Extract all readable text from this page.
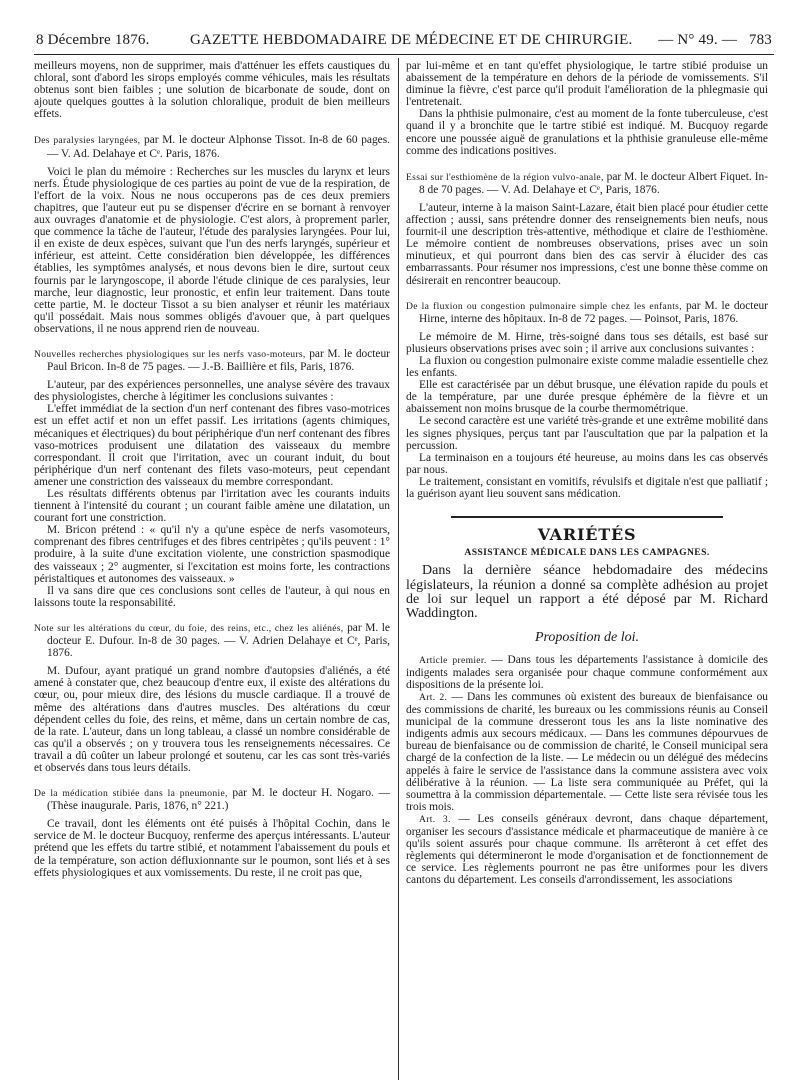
8 Décembre 1876.	GAZETTE HEBDOMADAIRE DE MÉDECINE ET DE CHIRURGIE. — N° 49. — 783

meilleurs moyens, non de supprimer, mais d'atténuer les effets caustiques du chloral, sont d'abord les sirops employés comme véhicules, mais les résultats obtenus sont bien faibles ; une solution de bicarbonate de soude, dont on ajoute quelques gouttes à la solution chloralique, produit de bien meilleurs effets.

Des paralysies laryngées, par M. le docteur Alphonse Tissot. In-8 de 60 pages. — V. Ad. Delahaye et Cᵉ. Paris, 1876.

Voici le plan du mémoire : Recherches sur les muscles du larynx et leurs nerfs. Étude physiologique de ces parties au point de vue de la respiration, de l'effort de la voix. Nous ne nous occuperons pas de ces deux premiers chapitres, que l'auteur eut pu se dispenser d'écrire en se bornant à renvoyer aux ouvrages d'anatomie et de physiologie. C'est alors, à proprement parler, que commence la tâche de l'auteur, l'étude des paralysies laryngées. Pour lui, il en existe de deux espèces, suivant que l'un des nerfs laryngés, supérieur et inférieur, est atteint. Cette considération bien développée, les différences établies, les symptômes analysés, et nous devons bien le dire, surtout ceux fournis par le laryngoscope, il aborde l'étude clinique de ces paralysies, leur marche, leur diagnostic, leur pronostic, et enfin leur traitement. Dans toute cette partie, M. le docteur Tissot a su bien analyser et réunir les matériaux qu'il possédait. Mais nous sommes obligés d'avouer que, à part quelques observations, il ne nous apprend rien de nouveau.

Nouvelles recherches physiologiques sur les nerfs vaso-moteurs, par M. le docteur Paul Bricon. In-8 de 75 pages. — J.-B. Baillière et fils, Paris, 1876.

L'auteur, par des expériences personnelles, une analyse sévère des travaux des physiologistes, cherche à légitimer les conclusions suivantes :

L'effet immédiat de la section d'un nerf contenant des fibres vaso-motrices est un effet actif et non un effet passif. Les irritations (agents chimiques, mécaniques et électriques) du bout périphérique d'un nerf contenant des fibres vaso-motrices produisent une dilatation des vaisseaux du membre correspondant. Il croit que l'irritation, avec un courant induit, du bout périphérique d'un nerf contenant des filets vaso-moteurs, peut cependant amener une constriction des vaisseaux du membre correspondant.

Les résultats différents obtenus par l'irritation avec les courants induits tiennent à l'intensité du courant ; un courant faible amène une dilatation, un courant fort une constriction.

M. Bricon prétend : « qu'il n'y a qu'une espèce de nerfs vasomoteurs, comprenant des fibres centrifuges et des fibres centripètes ; qu'ils peuvent : 1° produire, à la suite d'une excitation violente, une constriction spasmodique des vaisseaux ; 2° augmenter, si l'excitation est moins forte, les contractions péristaltiques et autonomes des vaisseaux. »

Il va sans dire que ces conclusions sont celles de l'auteur, à qui nous en laissons toute la responsabilité.

Note sur les altérations du cœur, du foie, des reins, etc., chez les aliénés, par M. le docteur E. Dufour. In-8 de 30 pages. — V. Adrien Delahaye et Cᵉ, Paris, 1876.

M. Dufour, ayant pratiqué un grand nombre d'autopsies d'aliénés, a été amené à constater que, chez beaucoup d'entre eux, il existe des altérations du cœur, ou, pour mieux dire, des lésions du muscle cardiaque. Il a trouvé de même des altérations dans d'autres muscles. Des altérations du cœur dépendent celles du foie, des reins, et même, dans un certain nombre de cas, de la rate. L'auteur, dans un long tableau, a classé un nombre considérable de cas qu'il a observés ; on y trouvera tous les renseignements nécessaires. Ce travail a dû coûter un labeur prolongé et soutenu, car les cas sont très-variés et observés dans tous leurs détails.

De la médication stibiée dans la pneumonie, par M. le docteur H. Nogaro. — (Thèse inaugurale. Paris, 1876, n° 221.)

Ce travail, dont les éléments ont été puisés à l'hôpital Cochin, dans le service de M. le docteur Bucquoy, renferme des aperçus intéressants. L'auteur prétend que les effets du tartre stibié, et notamment l'abaissement du pouls et de la température, son action défluxionnante sur le poumon, sont liés et à ses effets physiologiques et aux vomissements. Du reste, il ne croit pas que,

par lui-même et en tant qu'effet physiologique, le tartre stibié produise un abaissement de la température en dehors de la période de vomissements. S'il diminue la fièvre, c'est parce qu'il produit l'amélioration de la phlegmasie qui l'entretenait.

Dans la phthisie pulmonaire, c'est au moment de la fonte tuberculeuse, c'est quand il y a bronchite que le tartre stibié est indiqué. M. Bucquoy regarde encore une poussée aiguë de granulations et la phthisie granuleuse elle-même comme des indications positives.

Essai sur l'esthiomène de la région vulvo-anale, par M. le docteur Albert Fiquet. In-8 de 70 pages. — V. Ad. Delahaye et Cᵉ, Paris, 1876.

L'auteur, interne à la maison Saint-Lazare, était bien placé pour étudier cette affection ; aussi, sans prétendre donner des renseignements bien neufs, nous fournit-il une description très-attentive, méthodique et claire de l'esthiomène. Le mémoire contient de nombreuses observations, prises avec un soin minutieux, et qui pourront dans bien des cas servir à élucider des cas embarrassants. Pour résumer nos impressions, c'est une bonne thèse comme on désirerait en rencontrer beaucoup.

De la fluxion ou congestion pulmonaire simple chez les enfants, par M. le docteur Hirne, interne des hôpitaux. In-8 de 72 pages. — Poinsot, Paris, 1876.

Le mémoire de M. Hirne, très-soigné dans tous ses détails, est basé sur plusieurs observations prises avec soin ; il arrive aux conclusions suivantes :

La fluxion ou congestion pulmonaire existe comme maladie essentielle chez les enfants.

Elle est caractérisée par un début brusque, une élévation rapide du pouls et de la température, par une durée presque éphémère de la fièvre et un abaissement non moins brusque de la courbe thermométrique.

Le second caractère est une variété très-grande et une extrême mobilité dans les signes physiques, perçus tant par l'auscultation que par la palpation et la percussion.

La terminaison en a toujours été heureuse, au moins dans les cas observés par nous.

Le traitement, consistant en vomitifs, révulsifs et digitale n'est que palliatif ; la guérison ayant lieu souvent sans médication.

VARIÉTÉS
ASSISTANCE MÉDICALE DANS LES CAMPAGNES.

Dans la dernière séance hebdomadaire des médecins législateurs, la réunion a donné sa complète adhésion au projet de loi sur lequel un rapport a été déposé par M. Richard Waddington.

Proposition de loi.

Article premier. — Dans tous les départements l'assistance à domicile des indigents malades sera organisée pour chaque commune conformément aux dispositions de la présente loi.

Art. 2. — Dans les communes où existent des bureaux de bienfaisance ou des commissions de charité, les bureaux ou les commissions réunis au Conseil municipal de la commune dresseront tous les ans la liste nominative des indigents admis aux secours médicaux. — Dans les communes dépourvues de bureau de bienfaisance ou de commission de charité, le Conseil municipal sera chargé de la confection de la liste. — Le médecin ou un délégué des médecins appelés à faire le service de l'assistance dans la commune assistera avec voix délibérative à la réunion. — La liste sera communiquée au Préfet, qui la soumettra à la commission départementale. — Cette liste sera révisée tous les trois mois.

Art. 3. — Les conseils généraux devront, dans chaque département, organiser les secours d'assistance médicale et pharmaceutique de manière à ce qu'ils soient assurés pour chaque commune. Ils arrêteront à cet effet des règlements qui détermineront le mode d'organisation et de fonctionnement de ce service. Les règlements pourront ne pas être uniformes pour les divers cantons du département. Les conseils d'arrondissement, les associations
